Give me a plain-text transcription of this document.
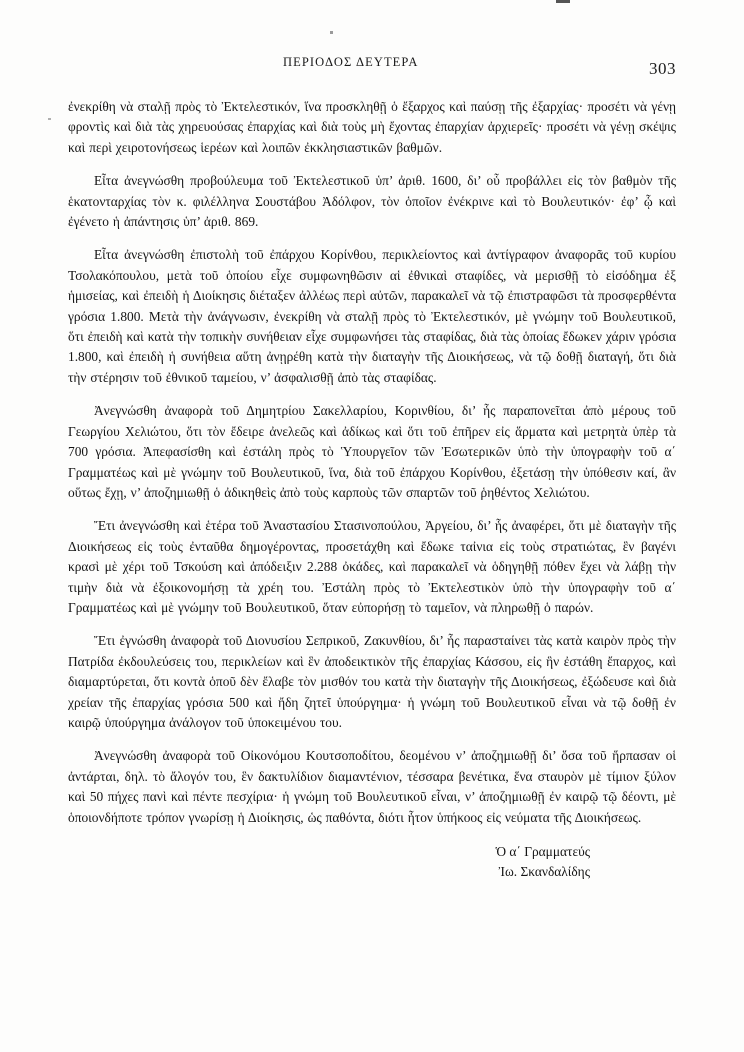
ΠΕΡΙΟΔΟΣ ΔΕΥΤΕΡΑ	303

ἐνεκρίθη νὰ σταλῇ πρὸς τὸ Ἐκτελεστικόν, ἵνα προσκληθῇ ὁ ἔξαρχος καὶ παύσῃ τῆς ἐξαρχίας· προσέτι νὰ γένῃ φροντὶς καὶ διὰ τὰς χηρευούσας ἐπαρχίας καὶ διὰ τοὺς μὴ ἔχοντας ἐπαρχίαν ἀρχιερεῖς· προσέτι νὰ γένῃ σκέψις καὶ περὶ χειροτονήσεως ἱερέων καὶ λοιπῶν ἐκκλησιαστικῶν βαθμῶν.

Εἶτα ἀνεγνώσθη προβούλευμα τοῦ Ἐκτελεστικοῦ ὑπ’ ἀριθ. 1600, δι’ οὗ προβάλλει εἰς τὸν βαθμὸν τῆς ἑκατονταρχίας τὸν κ. φιλέλληνα Σουστάβου Ἀδόλφον, τὸν ὁποῖον ἐνέκρινε καὶ τὸ Βουλευτικόν· ἐφ’ ᾧ καὶ ἐγένετο ἡ ἀπάντησις ὑπ’ ἀριθ. 869.

Εἶτα ἀνεγνώσθη ἐπιστολὴ τοῦ ἐπάρχου Κορίνθου, περικλείοντος καὶ ἀντίγραφον ἀναφορᾶς τοῦ κυρίου Τσολακόπουλου, μετὰ τοῦ ὁποίου εἶχε συμφωνηθῶσιν αἱ ἐθνικαὶ σταφίδες, νὰ μερισθῇ τὸ εἰσόδημα ἐξ ἡμισείας, καὶ ἐπειδὴ ἡ Διοίκησις διέταξεν ἀλλέως περὶ αὐτῶν, παρακαλεῖ νὰ τῷ ἐπιστραφῶσι τὰ προσφερθέντα γρόσια 1.800. Μετὰ τὴν ἀνάγνωσιν, ἐνεκρίθη νὰ σταλῇ πρὸς τὸ Ἐκτελεστικόν, μὲ γνώμην τοῦ Βουλευτικοῦ, ὅτι ἐπειδὴ καὶ κατὰ τὴν τοπικὴν συνήθειαν εἶχε συμφωνήσει τὰς σταφίδας, διὰ τὰς ὁποίας ἔδωκεν χάριν γρόσια 1.800, καὶ ἐπειδὴ ἡ συνήθεια αὕτη ἀνῃρέθη κατὰ τὴν διαταγὴν τῆς Διοικήσεως, νὰ τῷ δοθῇ διαταγή, ὅτι διὰ τὴν στέρησιν τοῦ ἐθνικοῦ ταμείου, ν’ ἀσφαλισθῇ ἀπὸ τὰς σταφίδας.

Ἀνεγνώσθη ἀναφορὰ τοῦ Δημητρίου Σακελλαρίου, Κορινθίου, δι’ ἧς παραπονεῖται ἀπὸ μέρους τοῦ Γεωργίου Χελιώτου, ὅτι τὸν ἔδειρε ἀνελεῶς καὶ ἀδίκως καὶ ὅτι τοῦ ἐπῆρεν εἰς ἅρματα καὶ μετρητὰ ὑπὲρ τὰ 700 γρόσια. Ἀπεφασίσθη καὶ ἐστάλη πρὸς τὸ Ὑπουργεῖον τῶν Ἐσωτερικῶν ὑπὸ τὴν ὑπογραφὴν τοῦ α΄ Γραμματέως καὶ μὲ γνώμην τοῦ Βουλευτικοῦ, ἵνα, διὰ τοῦ ἐπάρχου Κορίνθου, ἐξετάσῃ τὴν ὑπόθεσιν καί, ἂν οὕτως ἔχῃ, ν’ ἀποζημιωθῇ ὁ ἀδικηθεὶς ἀπὸ τοὺς καρποὺς τῶν σπαρτῶν τοῦ ῥηθέντος Χελιώτου.

Ἔτι ἀνεγνώσθη καὶ ἑτέρα τοῦ Ἀναστασίου Στασινοπούλου, Ἀργείου, δι’ ἧς ἀναφέρει, ὅτι μὲ διαταγὴν τῆς Διοικήσεως εἰς τοὺς ἐνταῦθα δημογέροντας, προσετάχθη καὶ ἔδωκε ταἰνια εἰς τοὺς στρατιώτας, ἓν βαγένι κρασὶ μὲ χέρι τοῦ Τσκούση καὶ ἀπόδειξιν 2.288 ὀκάδες, καὶ παρακαλεῖ νὰ ὁδηγηθῇ πόθεν ἔχει νὰ λάβῃ τὴν τιμὴν διὰ νὰ ἐξοικονομήσῃ τὰ χρέη του. Ἐστάλη πρὸς τὸ Ἐκτελεστικὸν ὑπὸ τὴν ὑπογραφὴν τοῦ α΄ Γραμματέως καὶ μὲ γνώμην τοῦ Βουλευτικοῦ, ὅταν εὐπορήσῃ τὸ ταμεῖον, νὰ πληρωθῇ ὁ παρών.

Ἔτι ἐγνώσθη ἀναφορὰ τοῦ Διονυσίου Σεπρικοῦ, Ζακυνθίου, δι’ ἧς παρασταίνει τὰς κατὰ καιρὸν πρὸς τὴν Πατρίδα ἐκδουλεύσεις του, περικλείων καὶ ἓν ἀποδεικτικὸν τῆς ἐπαρχίας Κάσσου, εἰς ἣν ἐστάθη ἔπαρχος, καὶ διαμαρτύρεται, ὅτι κοντὰ ὁποῦ δὲν ἔλαβε τὸν μισθόν του κατὰ τὴν διαταγὴν τῆς Διοικήσεως, ἐξώδευσε καὶ διὰ χρείαν τῆς ἐπαρχίας γρόσια 500 καὶ ἤδη ζητεῖ ὑπούργημα· ἡ γνώμη τοῦ Βουλευτικοῦ εἶναι νὰ τῷ δοθῇ ἐν καιρῷ ὑπούργημα ἀνάλογον τοῦ ὑποκειμένου του.

Ἀνεγνώσθη ἀναφορὰ τοῦ Οἰκονόμου Κουτσοποδίτου, δεομένου ν’ ἀποζημιωθῇ δι’ ὅσα τοῦ ἥρπασαν οἱ ἀντάρται, δηλ. τὸ ἄλογόν του, ἓν δακτυλίδιον διαμαντένιον, τέσσαρα βενέτικα, ἕνα σταυρὸν μὲ τίμιον ξύλον καὶ 50 πήχες πανὶ καὶ πέντε πεσχίρια· ἡ γνώμη τοῦ Βουλευτικοῦ εἶναι, ν’ ἀποζημιωθῇ ἐν καιρῷ τῷ δέοντι, μὲ ὁποιονδήποτε τρόπον γνωρίσῃ ἡ Διοίκησις, ὡς παθόντα, διότι ἦτον ὑπήκοος εἰς νεύματα τῆς Διοικήσεως.

Ὁ α΄ Γραμματεύς
Ἰω. Σκανδαλίδης
